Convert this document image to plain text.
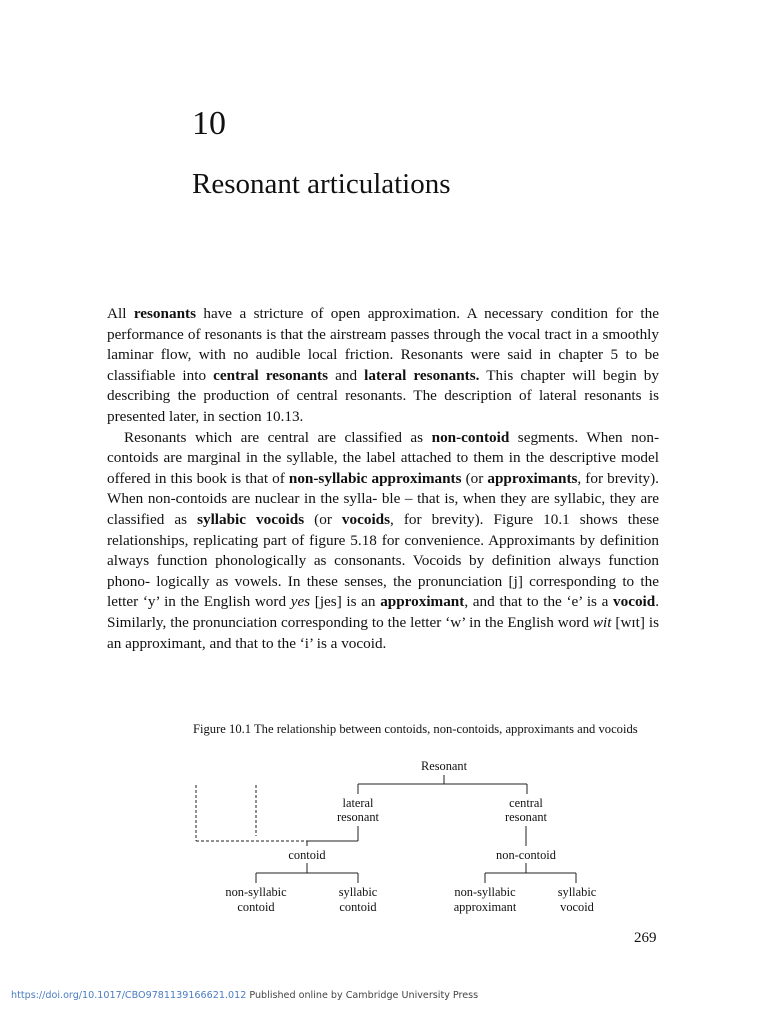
10
Resonant articulations

All resonants have a stricture of open approximation. A necessary condition for the performance of resonants is that the airstream passes through the vocal tract in a smoothly laminar flow, with no audible local friction. Resonants were said in chapter 5 to be classifiable into central resonants and lateral resonants. This chapter will begin by describing the production of central resonants. The description of lateral resonants is presented later, in section 10.13.

Resonants which are central are classified as non-contoid segments. When non-contoids are marginal in the syllable, the label attached to them in the descriptive model offered in this book is that of non-syllabic approximants (or approximants, for brevity). When non-contoids are nuclear in the sylla- ble – that is, when they are syllabic, they are classified as syllabic vocoids (or vocoids, for brevity). Figure 10.1 shows these relationships, replicating part of figure 5.18 for convenience. Approximants by definition always function phonologically as consonants. Vocoids by definition always function phono- logically as vowels. In these senses, the pronunciation [j] corresponding to the letter ‘y’ in the English word yes [jes] is an approximant, and that to the ‘e’ is a vocoid. Similarly, the pronunciation corresponding to the letter ‘w’ in the English word wit [wɪt] is an approximant, and that to the ‘i’ is a vocoid.

Figure 10.1 The relationship between contoids, non-contoids, approximants and vocoids
Resonant
lateral
resonant
central
resonant
contoid	non-contoid
non-syllabic
contoid
syllabic
contoid
non-syllabic
approximant
syllabic
vocoid
269
https://doi.org/10.1017/CBO9781139166621.012 Published online by Cambridge University Press
